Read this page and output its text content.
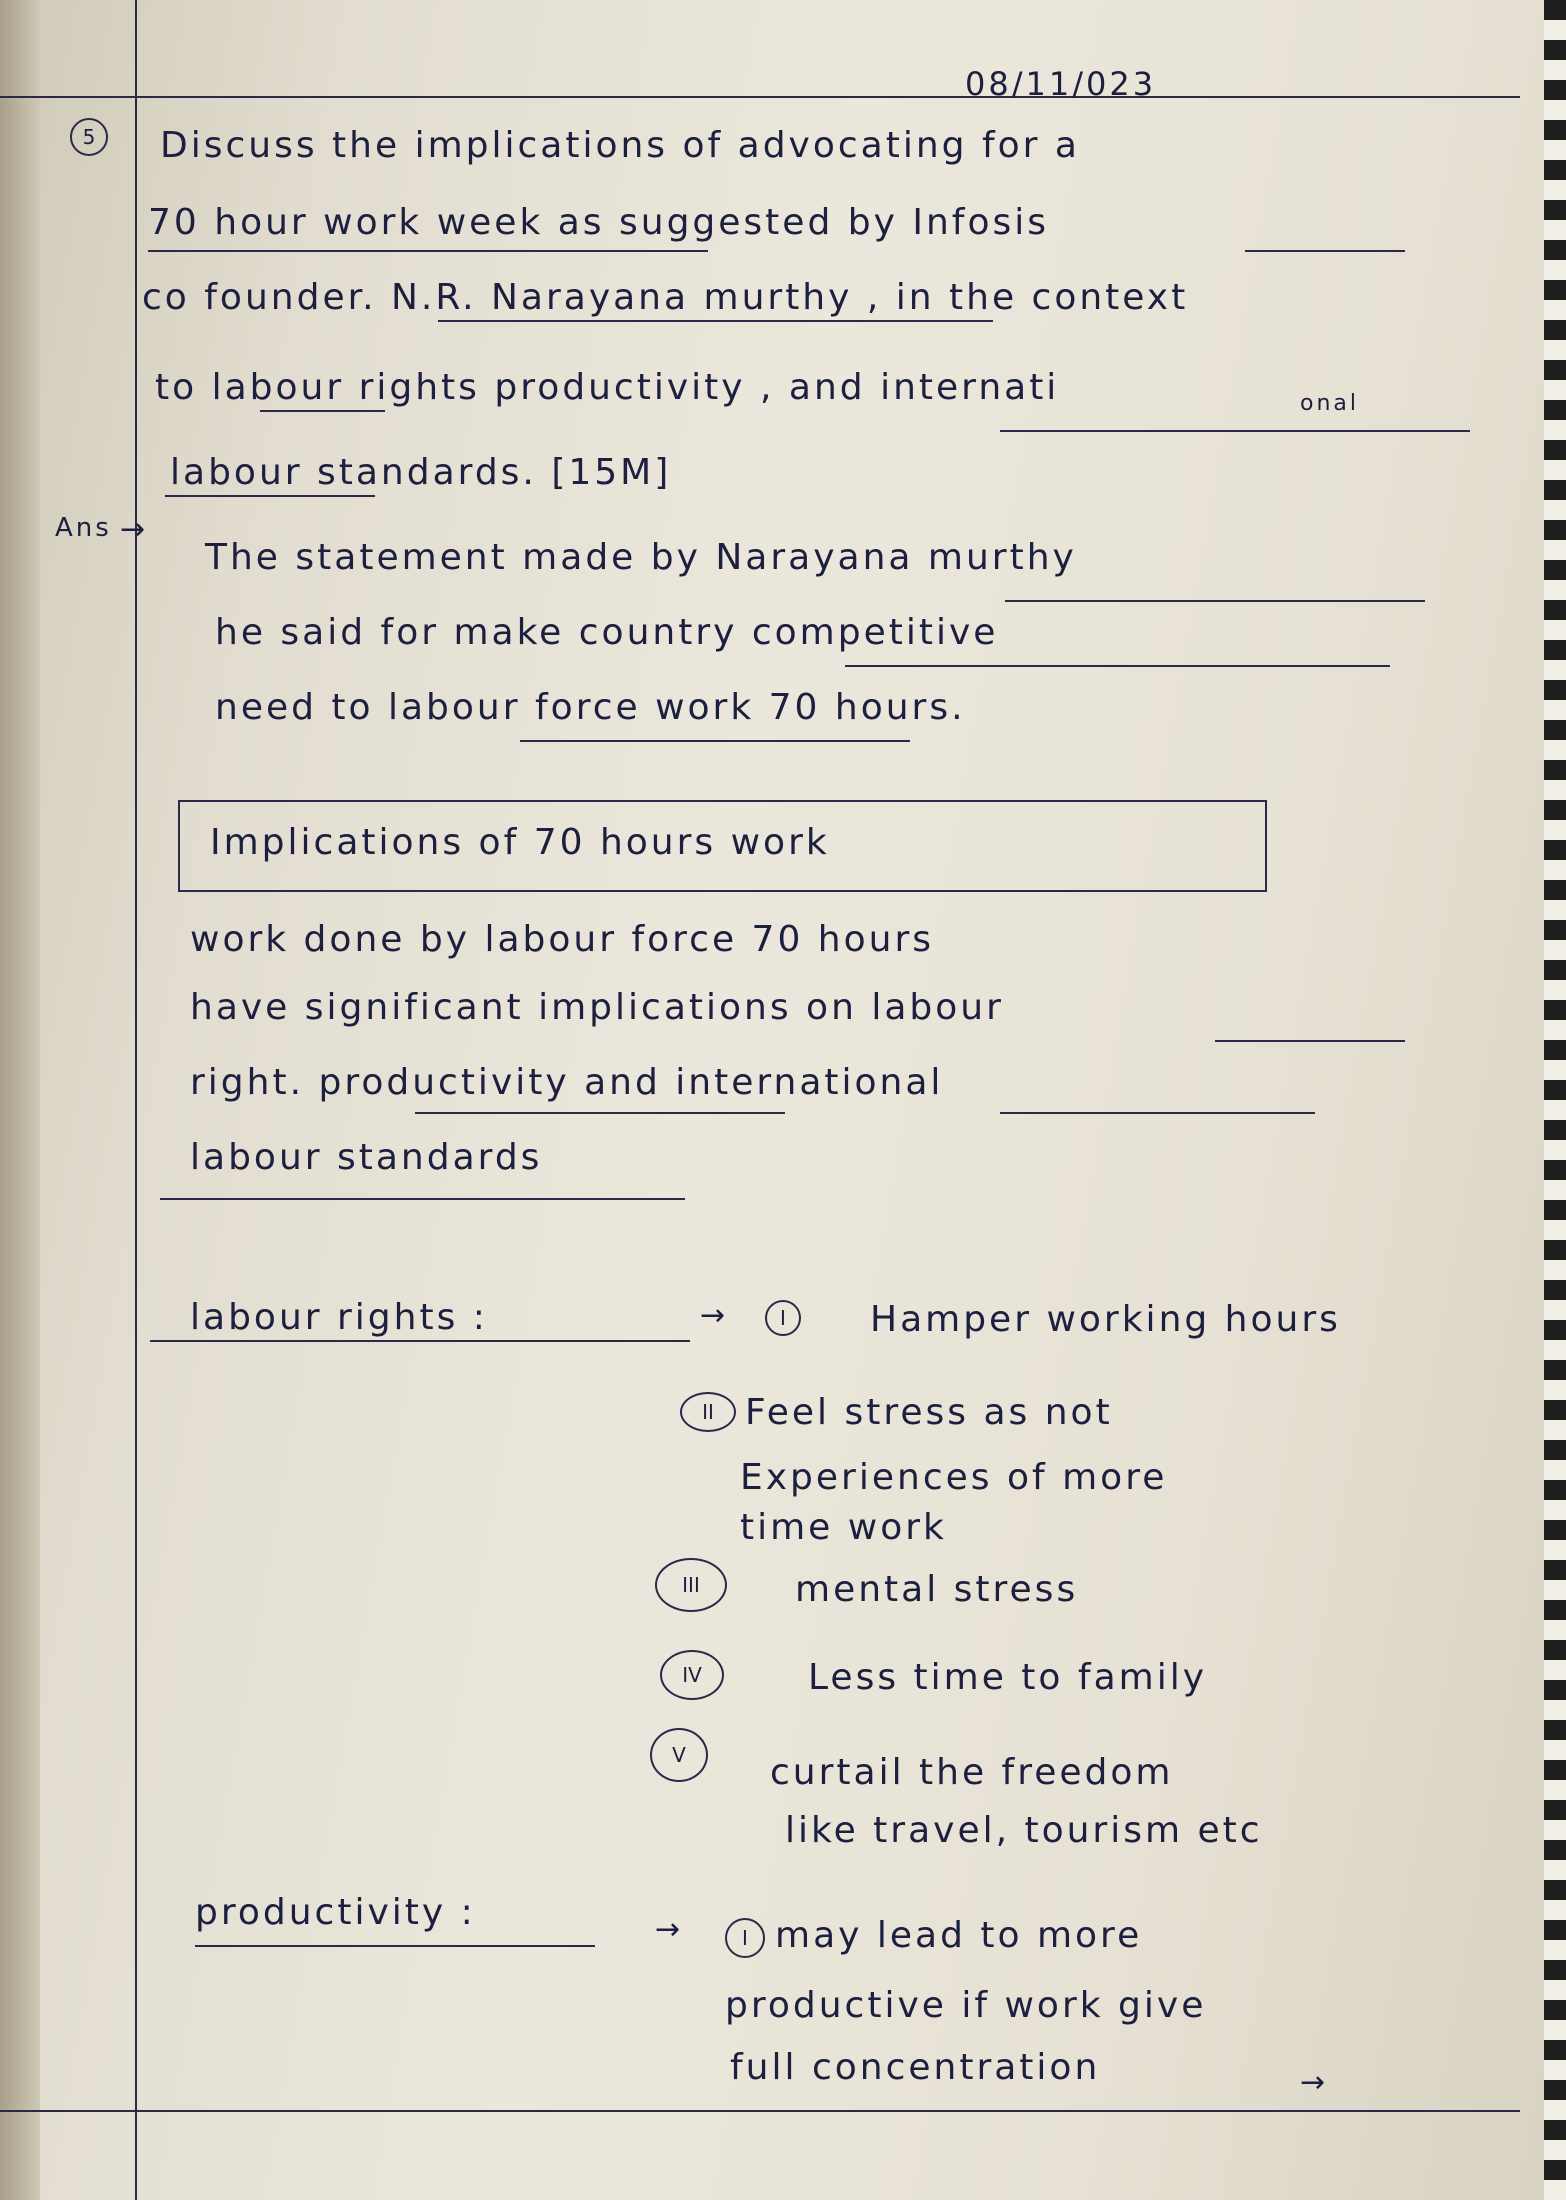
08/11/023
5	Discuss the implications of advocating for a
70 hour work week as suggested by Infosis
co founder. N.R. Narayana murthy , in the context
to labour rights productivity , and internati	onal
labour standards. [15M]
Ans →
The statement made by Narayana murthy
he said for make country competitive
need to labour force work 70 hours.
Implications of 70 hours work
work done by labour force 70 hours
have significant implications on labour
right. productivity and international
labour standards
labour rights :	→	I	Hamper working hours
II Feel stress as not
Experiences of more
time work
III	mental stress
IV	Less time to family
V	curtail the freedom
like travel, tourism etc
productivity :	→	I may lead to more
productive if work give
full concentration	→
